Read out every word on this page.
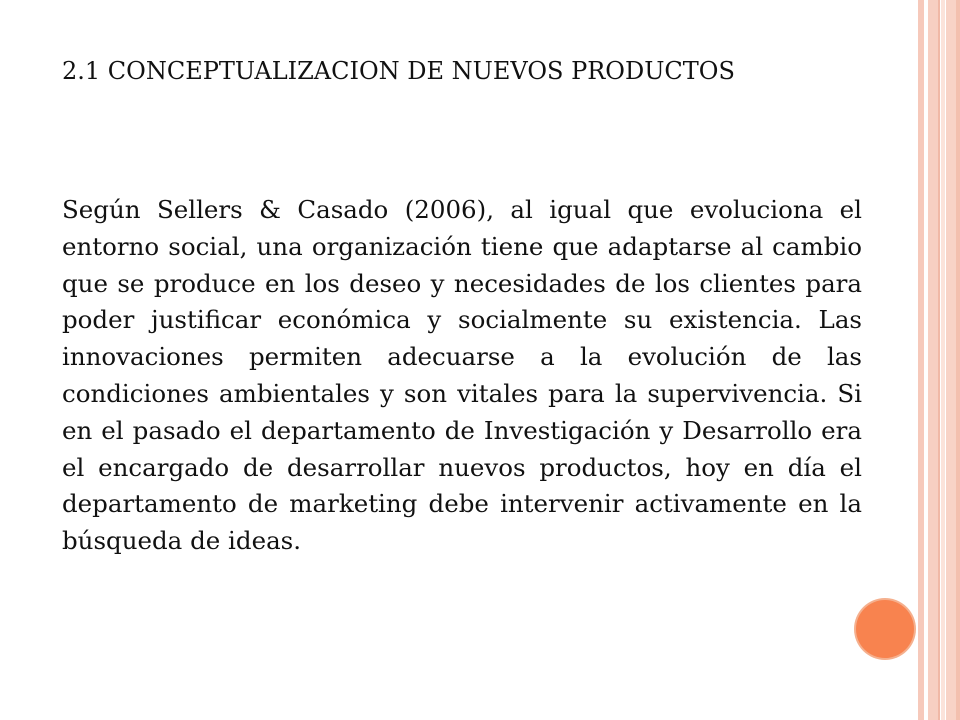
2.1 CONCEPTUALIZACION DE NUEVOS PRODUCTOS

Según Sellers & Casado (2006), al igual que evoluciona el entorno social, una organización tiene que adaptarse al cambio que se produce en los deseo y necesidades de los clientes para poder justificar económica y socialmente su existencia. Las innovaciones permiten adecuarse a la evolución de las condiciones ambientales y son vitales para la supervivencia. Si en el pasado el departamento de Investigación y Desarrollo era el encargado de desarrollar nuevos productos, hoy en día el departamento de marketing debe intervenir activamente en la búsqueda de ideas.
